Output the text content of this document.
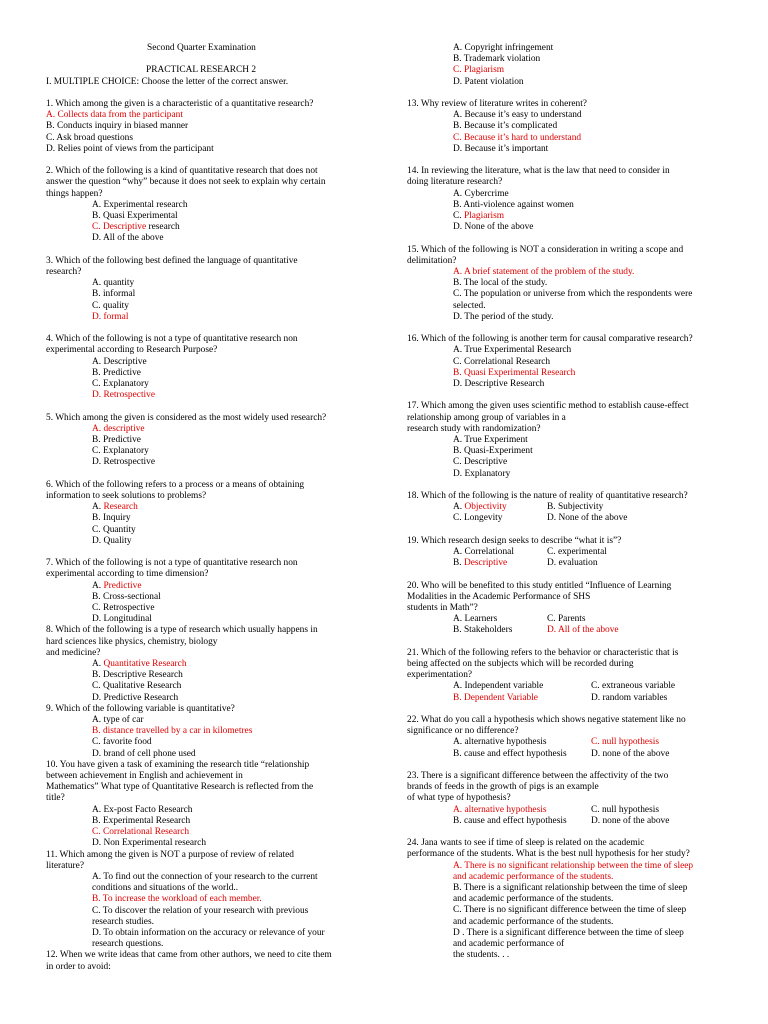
Second Quarter Examination
PRACTICAL RESEARCH 2
I. MULTIPLE CHOICE: Choose the letter of the correct answer.
1. Which among the given is a characteristic of a quantitative research?
A. Collects data from the participant
B. Conducts inquiry in biased manner
C. Ask broad questions
D. Relies point of views from the participant
2. Which of the following is a kind of quantitative research that does not
answer the question “why” because it does not seek to explain why certain
things happen?
A. Experimental research
B. Quasi Experimental
C. Descriptive research
D. All of the above
3. Which of the following best defined the language of quantitative
research?
A. quantity
B. informal
C. quality
D. formal
4. Which of the following is not a type of quantitative research non
experimental according to Research Purpose?
A. Descriptive
B. Predictive
C. Explanatory
D. Retrospective
5. Which among the given is considered as the most widely used research?
A. descriptive
B. Predictive
C. Explanatory
D. Retrospective
6. Which of the following refers to a process or a means of obtaining
information to seek solutions to problems?
A. Research
B. Inquiry
C. Quantity
D. Quality
7. Which of the following is not a type of quantitative research non
experimental according to time dimension?
A. Predictive
B. Cross-sectional
C. Retrospective
D. Longitudinal
8. Which of the following is a type of research which usually happens in
hard sciences like physics, chemistry, biology
and medicine?
A. Quantitative Research
B. Descriptive Research
C. Qualitative Research
D. Predictive Research
9. Which of the following variable is quantitative?
A. type of car
B. distance travelled by a car in kilometres
C. favorite food
D. brand of cell phone used
10. You have given a task of examining the research title “relationship
between achievement in English and achievement in
Mathematics” What type of Quantitative Research is reflected from the
title?
A. Ex-post Facto Research
B. Experimental Research
C. Correlational Research
D. Non Experimental research
11. Which among the given is NOT a purpose of review of related
literature?
A. To find out the connection of your research to the current
conditions and situations of the world..
B. To increase the workload of each member.
C. To discover the relation of your research with previous
research studies.
D. To obtain information on the accuracy or relevance of your
research questions.
12. When we write ideas that came from other authors, we need to cite them
in order to avoid:
A. Copyright infringement
B. Trademark violation
C. Plagiarism
D. Patent violation
13. Why review of literature writes in coherent?
A. Because it’s easy to understand
B. Because it’s complicated
C. Because it’s hard to understand
D. Because it’s important
14. In reviewing the literature, what is the law that need to consider in
doing literature research?
A. Cybercrime
B. Anti-violence against women
C. Plagiarism
D. None of the above
15. Which of the following is NOT a consideration in writing a scope and
delimitation?
A. A brief statement of the problem of the study.
B. The local of the study.
C. The population or universe from which the respondents were
selected.
D. The period of the study.
16. Which of the following is another term for causal comparative research?
A. True Experimental Research
C. Correlational Research
B. Quasi Experimental Research
D. Descriptive Research
17. Which among the given uses scientific method to establish cause-effect
relationship among group of variables in a
research study with randomization?
A. True Experiment
B. Quasi-Experiment
C. Descriptive
D. Explanatory
18. Which of the following is the nature of reality of quantitative research?
A. Objectivity	B. Subjectivity
C. Longevity	D. None of the above
19. Which research design seeks to describe “what it is”?
A. Correlational	C. experimental
B. Descriptive	D. evaluation
20. Who will be benefited to this study entitled “Influence of Learning
Modalities in the Academic Performance of SHS
students in Math”?
A. Learners	C. Parents
B. Stakeholders	D. All of the above
21. Which of the following refers to the behavior or characteristic that is
being affected on the subjects which will be recorded during
experimentation?
A. Independent variable	C. extraneous variable
B. Dependent Variable	D. random variables
22. What do you call a hypothesis which shows negative statement like no
significance or no difference?
A. alternative hypothesis	C. null hypothesis
B. cause and effect hypothesis	D. none of the above
23. There is a significant difference between the affectivity of the two
brands of feeds in the growth of pigs is an example
of what type of hypothesis?
A. alternative hypothesis	C. null hypothesis
B. cause and effect hypothesis	D. none of the above
24. Jana wants to see if time of sleep is related on the academic
performance of the students. What is the best null hypothesis for her study?
A. There is no significant relationship between the time of sleep
and academic performance of the students.
B. There is a significant relationship between the time of sleep
and academic performance of the students.
C. There is no significant difference between the time of sleep
and academic performance of the students.
D . There is a significant difference between the time of sleep
and academic performance of
the students. . .
